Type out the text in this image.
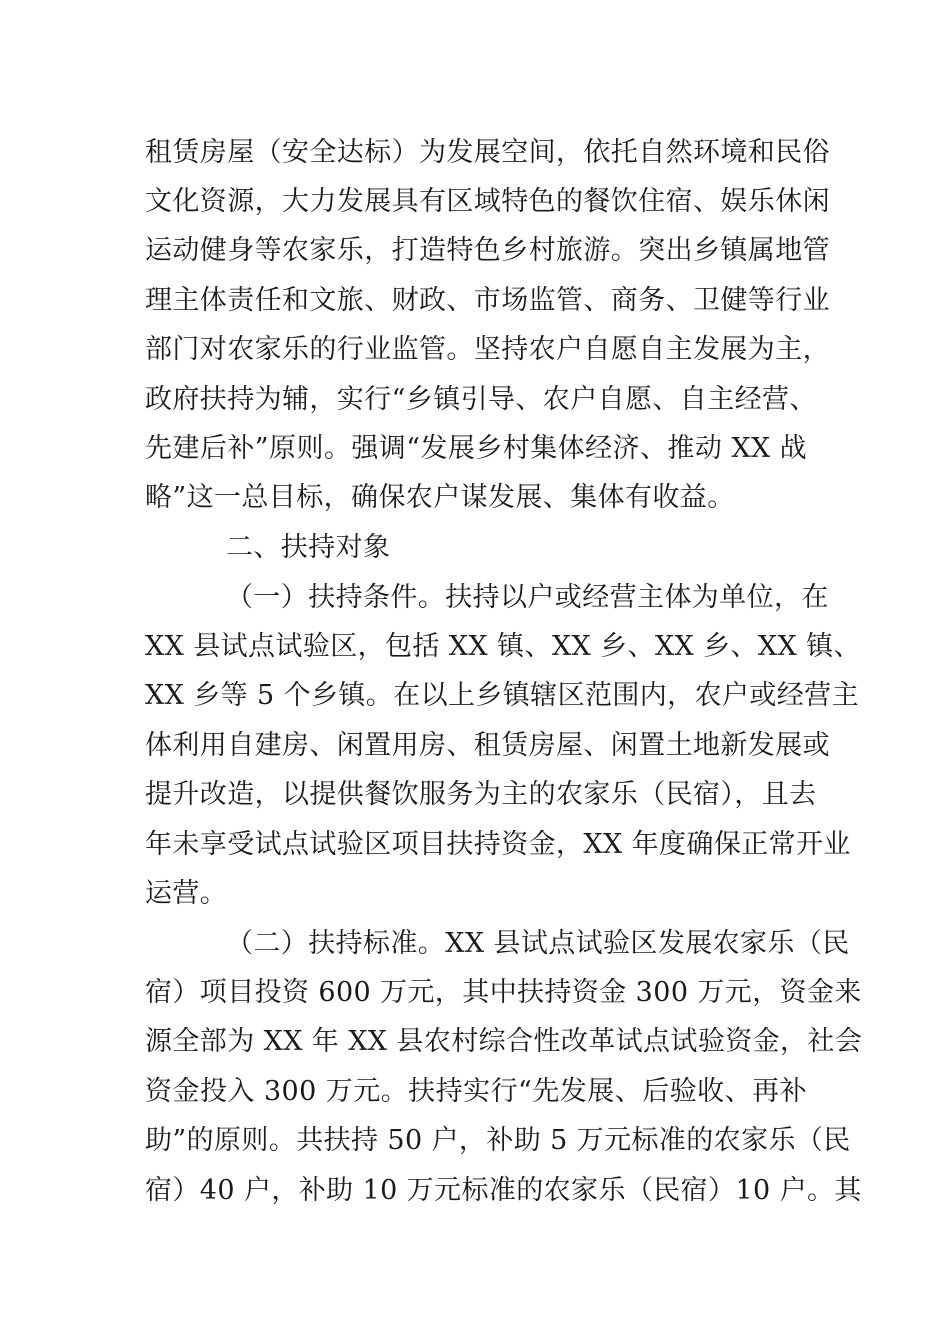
租赁房屋（安全达标）为发展空间，依托自然环境和民俗

文化资源，大力发展具有区域特色的餐饮住宿、娱乐休闲

运动健身等农家乐，打造特色乡村旅游。突出乡镇属地管

理主体责任和文旅、财政、市场监管、商务、卫健等行业

部门对农家乐的行业监管。坚持农户自愿自主发展为主，

政府扶持为辅，实行“乡镇引导、农户自愿、自主经营、

先建后补”原则。强调“发展乡村集体经济、推动 XX 战

略”这一总目标，确保农户谋发展、集体有收益。

二、扶持对象

（一）扶持条件。扶持以户或经营主体为单位，在

XX 县试点试验区，包括 XX 镇、XX 乡、XX 乡、XX 镇、

XX 乡等 5 个乡镇。在以上乡镇辖区范围内，农户或经营主

体利用自建房、闲置用房、租赁房屋、闲置土地新发展或

提升改造，以提供餐饮服务为主的农家乐（民宿），且去

年未享受试点试验区项目扶持资金，XX 年度确保正常开业

运营。

（二）扶持标准。XX 县试点试验区发展农家乐（民

宿）项目投资 600 万元，其中扶持资金 300 万元，资金来

源全部为 XX 年 XX 县农村综合性改革试点试验资金，社会

资金投入 300 万元。扶持实行“先发展、后验收、再补

助”的原则。共扶持 50 户，补助 5 万元标准的农家乐（民

宿）40 户，补助 10 万元标准的农家乐（民宿）10 户。其
